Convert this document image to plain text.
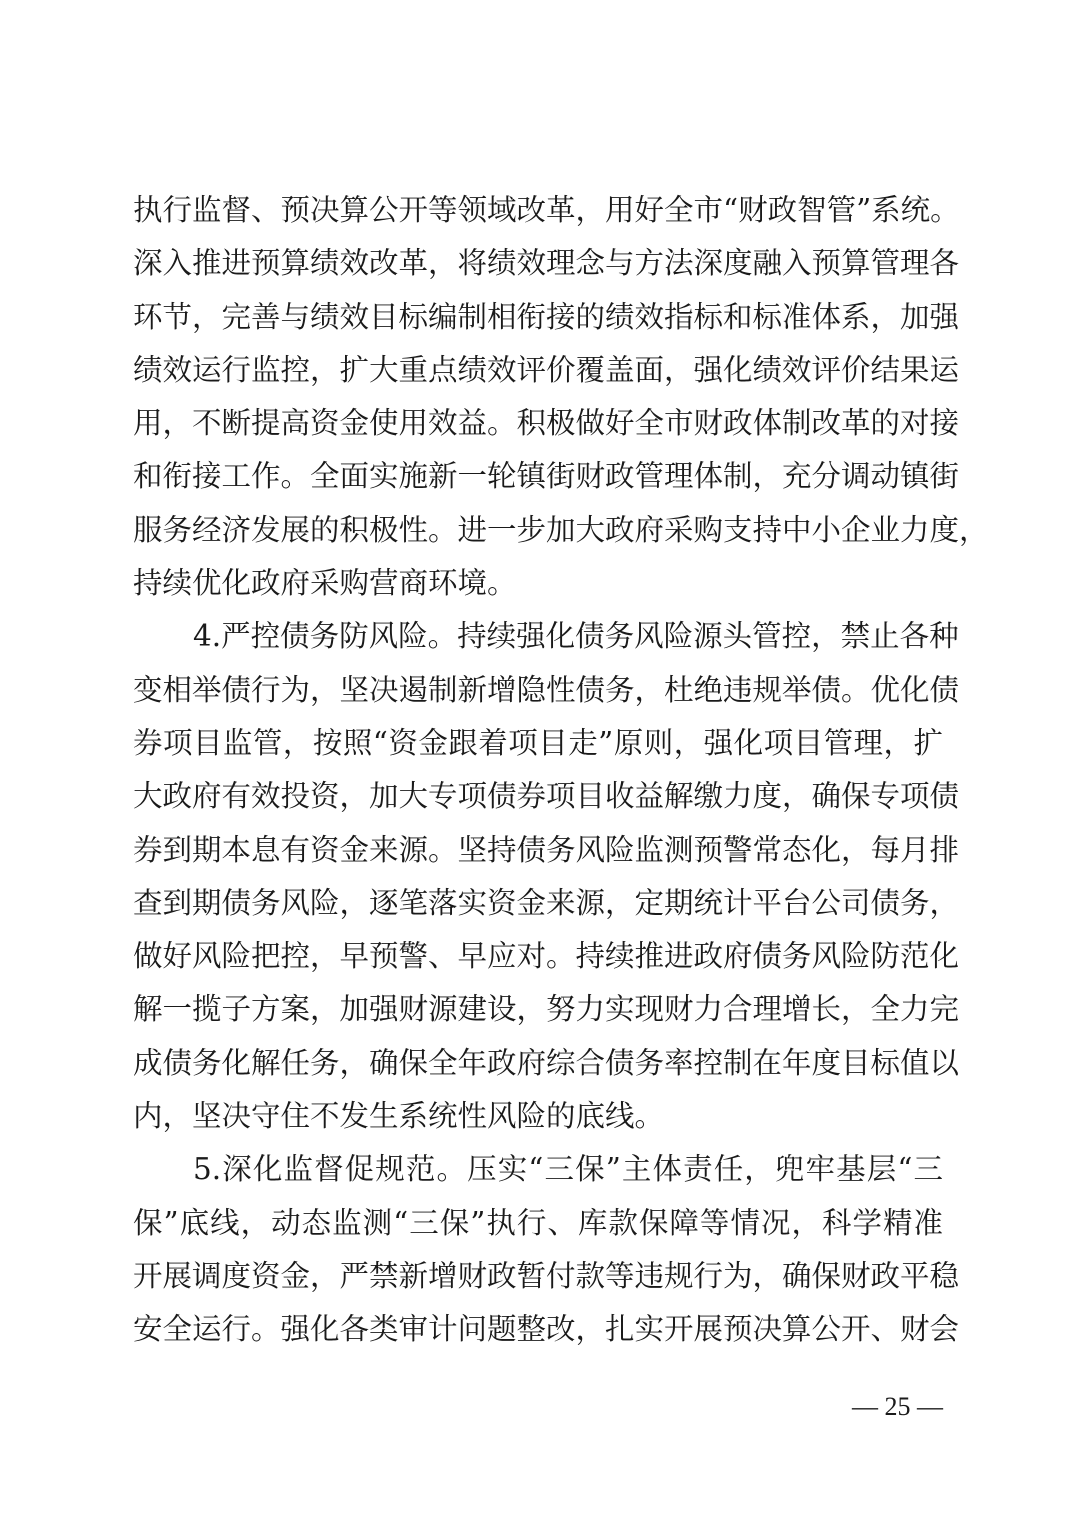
执行监督、预决算公开等领域改革，用好全市“财政智管”系统。
深入推进预算绩效改革，将绩效理念与方法深度融入预算管理各
环节，完善与绩效目标编制相衔接的绩效指标和标准体系，加强
绩效运行监控，扩大重点绩效评价覆盖面，强化绩效评价结果运
用，不断提高资金使用效益。积极做好全市财政体制改革的对接
和衔接工作。全面实施新一轮镇街财政管理体制，充分调动镇街
服务经济发展的积极性。进一步加大政府采购支持中小企业力度，
持续优化政府采购营商环境。
4.严控债务防风险。持续强化债务风险源头管控，禁止各种
变相举债行为，坚决遏制新增隐性债务，杜绝违规举债。优化债
券项目监管，按照“资金跟着项目走”原则，强化项目管理，扩
大政府有效投资，加大专项债券项目收益解缴力度，确保专项债
券到期本息有资金来源。坚持债务风险监测预警常态化，每月排
查到期债务风险，逐笔落实资金来源，定期统计平台公司债务，
做好风险把控，早预警、早应对。持续推进政府债务风险防范化
解一揽子方案，加强财源建设，努力实现财力合理增长，全力完
成债务化解任务，确保全年政府综合债务率控制在年度目标值以
内，坚决守住不发生系统性风险的底线。
5.深化监督促规范。压实“三保”主体责任，兜牢基层“三
保”底线，动态监测“三保”执行、库款保障等情况，科学精准
开展调度资金，严禁新增财政暂付款等违规行为，确保财政平稳
安全运行。强化各类审计问题整改，扎实开展预决算公开、财会
— 25 —
